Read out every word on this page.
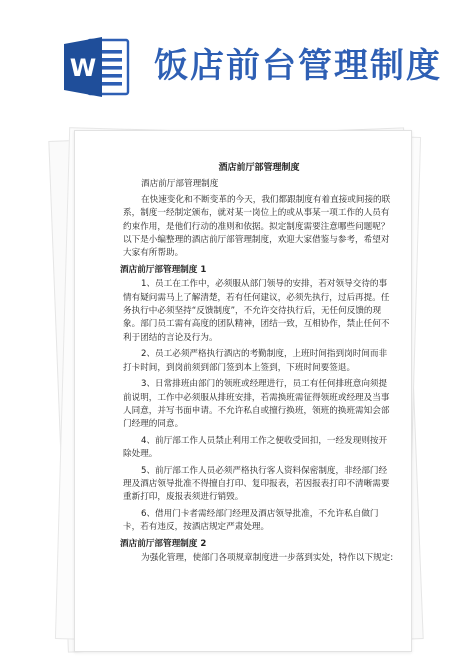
W 饭店前台管理制度

酒店前厅部管理制度

酒店前厅部管理制度

在快速变化和不断变革的今天，我们都跟制度有着直接或间接的联系，制度一经制定颁布，就对某一岗位上的或从事某一项工作的人员有约束作用，是他们行动的准则和依据。拟定制度需要注意哪些问题呢？以下是小编整理的酒店前厅部管理制度，欢迎大家借鉴与参考，希望对大家有所帮助。

酒店前厅部管理制度 1

1、员工在工作中，必须服从部门领导的安排，若对领导交待的事情有疑问需马上了解清楚，若有任何建议，必须先执行，过后再提。任务执行中必须坚持“反馈制度”，不允许交待执行后，无任何反馈的现象。部门员工需有高度的团队精神，团结一致，互相协作，禁止任何不利于团结的言论及行为。

2、员工必须严格执行酒店的考勤制度，上班时间指到岗时间而非打卡时间，到岗前须到部门签到本上签到，下班时间要签退。

3、日常排班由部门的领班或经理进行，员工有任何排班意向须提前说明，工作中必须服从排班安排，若需换班需征得领班或经理及当事人同意，并写书面申请。不允许私自或擅行换班，领班的换班需知会部门经理的同意。

4、前厅部工作人员禁止利用工作之便收受回扣，一经发现则按开除处理。

5、前厅部工作人员必须严格执行客人资料保密制度，非经部门经理及酒店领导批准不得擅自打印、复印报表，若因报表打印不清晰需要重新打印，废报表须进行销毁。

6、借用门卡者需经部门经理及酒店领导批准，不允许私自做门卡，若有违反，按酒店规定严肃处理。

酒店前厅部管理制度 2

为强化管理，使部门各项规章制度进一步落到实处，特作以下规定:
